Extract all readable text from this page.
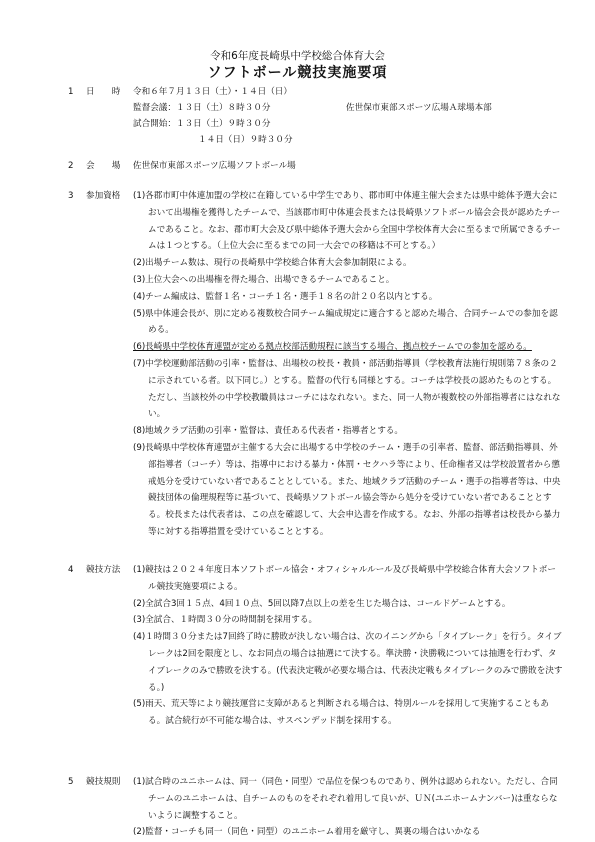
令和6年度長崎県中学校総合体育大会
ソフトボール競技実施要項
1 日　　時 令和６年７月１３日（土）・１４日（日）
監督会議：１３日（土）８時３０分	佐世保市東部スポーツ広場Ａ球場本部
試合開始：１３日（土）９時３０分
１４日（日）９時３０分
2 会　　場 佐世保市東部スポーツ広場ソフトボール場
3 参加資格 (1)各郡市町中体連加盟の学校に在籍している中学生であり、郡市町中体連主催大会または県中総体予選大会において出場権を獲得したチームで、当該郡市町中体連会長または長崎県ソフトボール協会会長が認めたチームであること。なお、郡市町大会及び県中総体予選大会から全国中学校体育大会に至るまで所属できるチームは１つとする。（上位大会に至るまでの同一大会での移籍は不可とする。）

(2)出場チーム数は、現行の長崎県中学校総合体育大会参加制限による。

(3)上位大会への出場権を得た場合、出場できるチームであること。

(4)チーム編成は、監督１名・コーチ１名・選手１８名の計２０名以内とする。

(5)県中体連会長が、別に定める複数校合同チーム編成規定に適合すると認めた場合、合同チームでの参加を認める。

(6)長崎県中学校体育連盟が定める拠点校部活動規程に該当する場合、拠点校チームでの参加を認める。

(7)中学校運動部活動の引率・監督は、出場校の校長・教員・部活動指導員（学校教育法施行規則第７８条の２に示されている者。以下同じ。）とする。監督の代行も同様とする。コーチは学校長の認めたものとする。ただし、当該校外の中学校教職員はコーチにはなれない。また、同一人物が複数校の外部指導者にはなれない。

(8)地域クラブ活動の引率・監督は、責任ある代表者・指導者とする。

(9)長崎県中学校体育連盟が主催する大会に出場する中学校のチーム・選手の引率者、監督、部活動指導員、外部指導者（コーチ）等は、指導中における暴力・体罰・セクハラ等により、任命権者又は学校設置者から懲戒処分を受けていない者であることとしている。また、地域クラブ活動のチーム・選手の指導者等は、中央競技団体の倫理規程等に基づいて、長崎県ソフトボール協会等から処分を受けていない者であることとする。校長または代表者は、この点を確認して、大会申込書を作成する。なお、外部の指導者は校長から暴力等に対する指導措置を受けていることとする。

4 競技方法 (1)競技は２０２４年度日本ソフトボール協会・オフィシャルルール及び長崎県中学校総合体育大会ソフトボール競技実施要項による。

(2)全試合3回１５点、4回１０点、5回以降7点以上の差を生じた場合は、コールドゲームとする。

(3)全試合、１時間３０分の時間制を採用する。

(4)１時間３０分または7回終了時に勝敗が決しない場合は、次のイニングから「タイブレーク」を行う。タイブレークは2回を限度とし、なお同点の場合は抽選にて決する。準決勝・決勝戦については抽選を行わず、タイブレークのみで勝敗を決する。(代表決定戦が必要な場合は、代表決定戦もタイブレークのみで勝敗を決する。)

(5)雨天、荒天等により競技運営に支障があると判断される場合は、特別ルールを採用して実施することもある。試合続行が不可能な場合は、サスペンデッド制を採用する。

5 競技規則 (1)試合時のユニホームは、同一（同色・同型）で品位を保つものであり、例外は認められない。ただし、合同チームのユニホームは、自チームのものをそれぞれ着用して良いが、ＵＮ(ユニホームナンバー)は重ならないように調整すること。

(2)監督・コーチも同一（同色・同型）のユニホーム着用を厳守し、異裏の場合はいかなる
